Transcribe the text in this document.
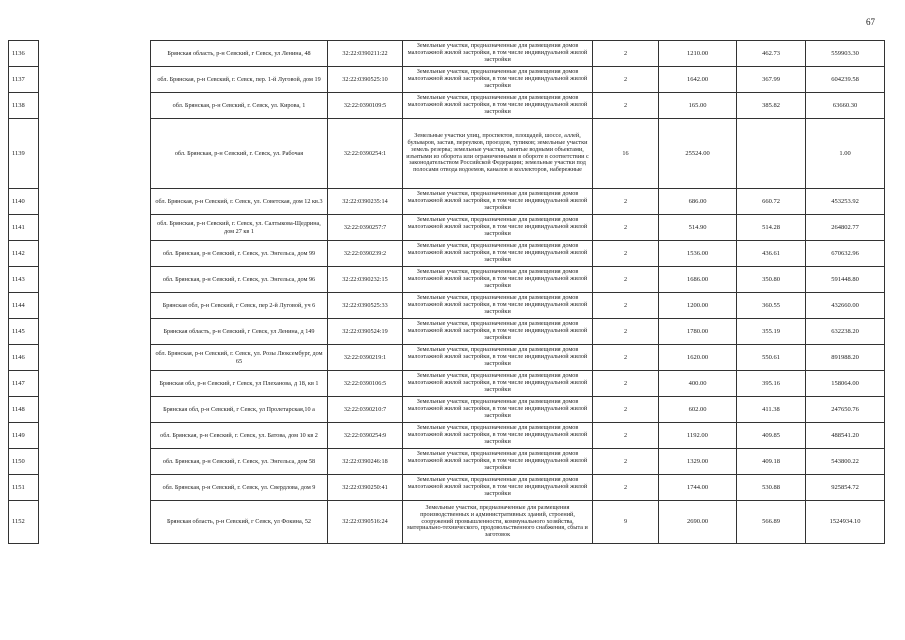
67
1136		Брянская область, р-н Севский, г Севск, ул Ленина, 48	32:22:0390211:22	Земельные участки, предназначенные для размещения домов малоэтажной жилой застройки, в том числе индивидуальной жилой застройки	2	1210.00	462.73	559903.30
1137		обл. Брянская, р-н Севский, г. Севск, пер. 1-й Луговой, дом 19	32:22:0390525:10	Земельные участки, предназначенные для размещения домов малоэтажной жилой застройки, в том числе индивидуальной жилой застройки	2	1642.00	367.99	604239.58
1138		обл. Брянская, р-н Севский, г. Севск, ул. Кирова, 1	32:22:0390109:5	Земельные участки, предназначенные для размещения домов малоэтажной жилой застройки, в том числе индивидуальной жилой застройки	2	165.00	385.82	63660.30
1139		обл. Брянская, р-н Севский, г. Севск, ул. Рабочая	32:22:0390254:1	Земельные участки улиц, проспектов, площадей, шоссе, аллей, бульваров, застав, переулков, проездов, тупиков; земельные участки земель резерва; земельные участки, занятые водными объектами, изъятыми из оборота или ограниченными в обороте в соответствии с законодательством Российской Федерации; земельные участки под полосами отвода водоемов, каналов и коллекторов, набережные	16	25524.00		1.00
1140		обл. Брянская, р-н Севский, г. Севск, ул. Советская, дом 12 кв.3	32:22:0390235:14	Земельные участки, предназначенные для размещения домов малоэтажной жилой застройки, в том числе индивидуальной жилой застройки	2	686.00	660.72	453253.92
1141		обл. Брянская, р-н Севский, г. Севск, ул. Салтыкова-Щедрина, дом 27 кв 1	32:22:0390257:7	Земельные участки, предназначенные для размещения домов малоэтажной жилой застройки, в том числе индивидуальной жилой застройки	2	514.90	514.28	264802.77
1142		обл. Брянская, р-н Севский, г. Севск, ул. Энгельса, дом 99	32:22:0390239:2	Земельные участки, предназначенные для размещения домов малоэтажной жилой застройки, в том числе индивидуальной жилой застройки	2	1536.00	436.61	670632.96
1143		обл. Брянская, р-н Севский, г. Севск, ул. Энгельса, дом 96	32:22:0390232:15	Земельные участки, предназначенные для размещения домов малоэтажной жилой застройки, в том числе индивидуальной жилой застройки	2	1686.00	350.80	591448.80
1144		Брянская обл, р-н Севский, г Севск, пер 2-й Луговой, уч 6	32:22:0390525:33	Земельные участки, предназначенные для размещения домов малоэтажной жилой застройки, в том числе индивидуальной жилой застройки	2	1200.00	360.55	432660.00
1145		Брянская область, р-н Севский, г Севск, ул Ленина, д 149	32:22:0390524:19	Земельные участки, предназначенные для размещения домов малоэтажной жилой застройки, в том числе индивидуальной жилой застройки	2	1780.00	355.19	632238.20
1146		обл. Брянская, р-н Севский, г. Севск, ул. Розы Люксембург, дом 65	32:22:0390219:1	Земельные участки, предназначенные для размещения домов малоэтажной жилой застройки, в том числе индивидуальной жилой застройки	2	1620.00	550.61	891988.20
1147		Брянская обл, р-н Севский, г Севск, ул Плеханова, д 18, кв 1	32:22:0390106:5	Земельные участки, предназначенные для размещения домов малоэтажной жилой застройки, в том числе индивидуальной жилой застройки	2	400.00	395.16	158064.00
1148		Брянская обл, р-н Севский, г Севск, ул Пролетарская,10 а	32:22:0390210:7	Земельные участки, предназначенные для размещения домов малоэтажной жилой застройки, в том числе индивидуальной жилой застройки	2	602.00	411.38	247650.76
1149		обл. Брянская, р-н Севский, г. Севск, ул. Батова, дом 10 кв 2	32:22:0390254:9	Земельные участки, предназначенные для размещения домов малоэтажной жилой застройки, в том числе индивидуальной жилой застройки	2	1192.00	409.85	488541.20
1150		обл. Брянская, р-н Севский, г. Севск, ул. Энгельса, дом 58	32:22:0390246:18	Земельные участки, предназначенные для размещения домов малоэтажной жилой застройки, в том числе индивидуальной жилой застройки	2	1329.00	409.18	543800.22
1151		обл. Брянская, р-н Севский, г. Севск, ул. Свердлова, дом 9	32:22:0390250:41	Земельные участки, предназначенные для размещения домов малоэтажной жилой застройки, в том числе индивидуальной жилой застройки	2	1744.00	530.88	925854.72
1152		Брянская область, р-н Севский, г Севск, ул Фокина, 52	32:22:0390516:24	Земельные участки, предназначенные для размещения производственных и административных зданий, строений, сооружений промышленности, коммунального хозяйства, материально-технического, продовольственного снабжения, сбыта и заготовок	9	2690.00	566.89	1524934.10
